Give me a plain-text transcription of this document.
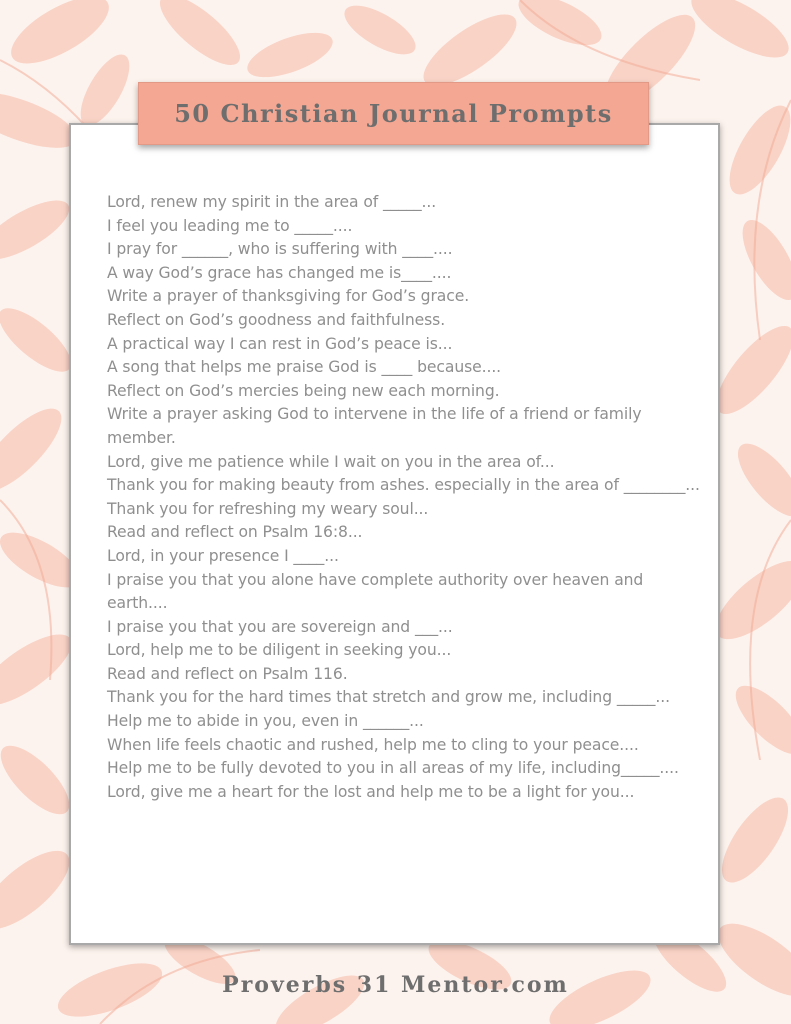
50 Christian Journal Prompts
Lord, renew my spirit in the area of _____...
I feel you leading me to _____....
I pray for ______, who is suffering with ____....
A way God’s grace has changed me is____....
Write a prayer of thanksgiving for God’s grace.
Reflect on God’s goodness and faithfulness.
A practical way I can rest in God’s peace is...
A song that helps me praise God is ____ because....
Reflect on God’s mercies being new each morning.
Write a prayer asking God to intervene in the life of a friend or family member.
Lord, give me patience while I wait on you in the area of...
Thank you for making beauty from ashes. especially in the area of ________...
Thank you for refreshing my weary soul...
Read and reflect on Psalm 16:8...
Lord, in your presence I ____...
I praise you that you alone have complete authority over heaven and earth....
I praise you that you are sovereign and ___...
Lord, help me to be diligent in seeking you...
Read and reflect on Psalm 116.
Thank you for the hard times that stretch and grow me, including _____...
Help me to abide in you, even in ______...
When life feels chaotic and rushed, help me to cling to your peace....
Help me to be fully devoted to you in all areas of my life, including_____....
Lord, give me a heart for the lost and help me to be a light for you...
Proverbs 31 Mentor.com
